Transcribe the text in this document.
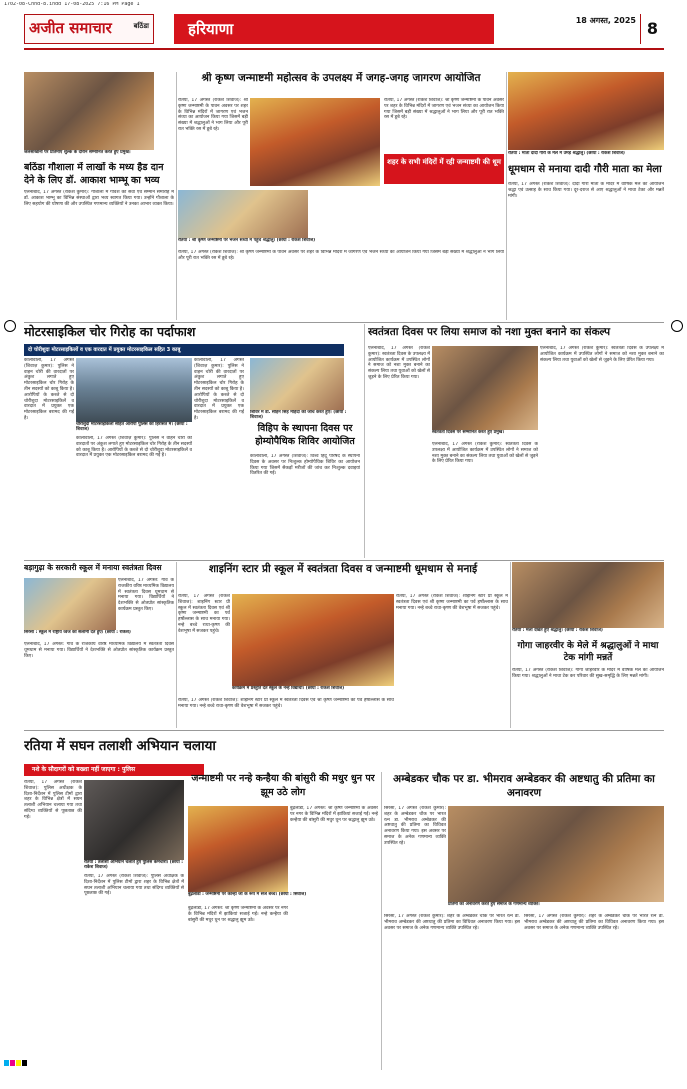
1702-08-Chnd-8.indd 17-08-2025 7:16 PM Page 1
अजीत समाचार	बठिंडा	हरियाणा	18 अगस्त, 2025 8
जलसाखानों पर प्रतिमाएं शुल्क के दौरान सम्मानित करते हुए प्रमुख।
बठिंडा गौशाला में लाखों के मध्य हैड दान देने के लिए डॉ. आकाश भाम्भू का भव्य
ऐलनाबाद, 17 अगस्त (राकेश कुमार): गोशाला में गोवंश की सेवा एवं सम्मान समारोह में डॉ. आकाश भाम्भू का विभिन्न संस्थाओं द्वारा भव्य स्वागत किया गया। उन्होंने गौशाला के लिए सहयोग की घोषणा की और उपस्थित गणमान्य व्यक्तियों ने उनका आभार व्यक्त किया।
श्री कृष्ण जन्माष्टमी महोत्सव के उपलक्ष्य में जगह-जगह जागरण आयोजित
रतिया, 17 अगस्त (राकेश शिवाज): श्री कृष्ण जन्माष्टमी के पावन अवसर पर शहर के विभिन्न मंदिरों में जागरण एवं भजन संध्या का आयोजन किया गया जिसमें बड़ी संख्या में श्रद्धालुओं ने भाग लिया और पूरी रात भक्ति रस में डूबे रहे।
रतिया, 17 अगस्त (राकेश शिवाज): श्री कृष्ण जन्माष्टमी के पावन अवसर पर शहर के विभिन्न मंदिरों में जागरण एवं भजन संध्या का आयोजन किया गया जिसमें बड़ी संख्या में श्रद्धालुओं ने भाग लिया और पूरी रात भक्ति रस में डूबे रहे।
शहर के सभी मंदिरों में रही जन्माष्टमी की धूम
रतिया : श्री कृष्ण जन्माष्टमी पर भजन संध्या में पहुंचे श्रद्धालु। (छाया : राकेश शिवाज)
रतिया, 17 अगस्त (राकेश शिवाज): श्री कृष्ण जन्माष्टमी के पावन अवसर पर शहर के विभिन्न मंदिरों में जागरण एवं भजन संध्या का आयोजन किया गया जिसमें बड़ी संख्या में श्रद्धालुओं ने भाग लिया और पूरी रात भक्ति रस में डूबे रहे।
रतिया : माता दादी गौरी के मेले में उमड़े श्रद्धालु। (छाया : राकेश शिवाज)
धूमधाम से मनाया दादी गौरी माता का मेला
रतिया, 17 अगस्त (राकेश शिवाज): दादी गौरी माता के मंदिर में वार्षिक मेले का आयोजन श्रद्धा एवं उत्साह के साथ किया गया। दूर-दराज से आए श्रद्धालुओं ने माथा टेका और मन्नतें मांगी।
मोटरसाइकिल चोर गिरोह का पर्दाफाश
दो चोरीशुदा मोटरसाइकिलों व एक वारदात में प्रयुक्त मोटरसाइकिल सहित 3 काबू
कालांवाली, 17 अगस्त (शिवाज़ कुमार): पुलिस ने वाहन चोरी की वारदातों पर अंकुश लगाते हुए मोटरसाइकिल चोर गिरोह के तीन सदस्यों को काबू किया है। आरोपियों के कब्जे से दो चोरीशुदा मोटरसाइकिलें व वारदात में प्रयुक्त एक मोटरसाइकिल बरामद की गई है।
चोरीशुदा मोटरसाइकिलों सहित आरोपी पुलिस की हिरासत में। (छाया : शिवाज)
कालांवाली, 17 अगस्त (शिवाज़ कुमार): पुलिस ने वाहन चोरी की वारदातों पर अंकुश लगाते हुए मोटरसाइकिल चोर गिरोह के तीन सदस्यों को काबू किया है। आरोपियों के कब्जे से दो चोरीशुदा मोटरसाइकिलें व वारदात में प्रयुक्त एक मोटरसाइकिल बरामद की गई है।
कालांवाली, 17 अगस्त (शिवाज़ कुमार): पुलिस ने वाहन चोरी की वारदातों पर अंकुश लगाते हुए मोटरसाइकिल चोर गिरोह के तीन सदस्यों को काबू किया है। आरोपियों के कब्जे से दो चोरीशुदा मोटरसाइकिलें व वारदात में प्रयुक्त एक मोटरसाइकिल बरामद की गई है।
शिविर में डा. सोहन सिंह महिदा की जांच करते हुए। (छाया : शिवाज)
विहिप के स्थापना दिवस पर होम्योपैथिक शिविर आयोजित
कालांवाली, 17 अगस्त (शिवाज): विश्व हिंदू परिषद के स्थापना दिवस के अवसर पर निःशुल्क होम्योपैथिक शिविर का आयोजन किया गया जिसमें सैकड़ों मरीजों की जांच कर निःशुल्क दवाइयां वितरित की गईं।
स्वतंत्रता दिवस पर लिया समाज को नशा मुक्त बनाने का संकल्प
ऐलनाबाद, 17 अगस्त (राकेश कुमार): स्वतंत्रता दिवस के उपलक्ष्य में आयोजित कार्यक्रम में उपस्थित लोगों ने समाज को नशा मुक्त बनाने का संकल्प लिया तथा युवाओं को खेलों से जुड़ने के लिए प्रेरित किया गया।
स्वतंत्रता दिवस पर सम्मानित करते हुए प्रमुख।
ऐलनाबाद, 17 अगस्त (राकेश कुमार): स्वतंत्रता दिवस के उपलक्ष्य में आयोजित कार्यक्रम में उपस्थित लोगों ने समाज को नशा मुक्त बनाने का संकल्प लिया तथा युवाओं को खेलों से जुड़ने के लिए प्रेरित किया गया।
ऐलनाबाद, 17 अगस्त (राकेश कुमार): स्वतंत्रता दिवस के उपलक्ष्य में आयोजित कार्यक्रम में उपस्थित लोगों ने समाज को नशा मुक्त बनाने का संकल्प लिया तथा युवाओं को खेलों से जुड़ने के लिए प्रेरित किया गया।
बड़ागुढ़ा के सरकारी स्कूल में मनाया स्वतंत्रता दिवस
सिरसा : स्कूल में राष्ट्रीय ध्वज को सलामी देते हुए। (छाया : राकेश)
ऐलनाबाद, 17 अगस्त: गांव के राजकीय वरिष्ठ माध्यमिक विद्यालय में स्वतंत्रता दिवस धूमधाम से मनाया गया। विद्यार्थियों ने देशभक्ति से ओतप्रोत सांस्कृतिक कार्यक्रम प्रस्तुत किए।
ऐलनाबाद, 17 अगस्त: गांव के राजकीय वरिष्ठ माध्यमिक विद्यालय में स्वतंत्रता दिवस धूमधाम से मनाया गया। विद्यार्थियों ने देशभक्ति से ओतप्रोत सांस्कृतिक कार्यक्रम प्रस्तुत किए।
शाइनिंग स्टार प्री स्कूल में स्वतंत्रता दिवस व जन्माष्टमी धूमधाम से मनाई
रतिया, 17 अगस्त (राकेश शिवाज): शाइनिंग स्टार प्री स्कूल में स्वतंत्रता दिवस एवं श्री कृष्ण जन्माष्टमी का पर्व हर्षोल्लास के साथ मनाया गया। नन्हे बच्चे राधा-कृष्ण की वेशभूषा में सजकर पहुंचे।
कार्यक्रम में प्रस्तुति देते स्कूल के नन्हे विद्यार्थी। (छाया : राकेश शिवाज)
रतिया, 17 अगस्त (राकेश शिवाज): शाइनिंग स्टार प्री स्कूल में स्वतंत्रता दिवस एवं श्री कृष्ण जन्माष्टमी का पर्व हर्षोल्लास के साथ मनाया गया। नन्हे बच्चे राधा-कृष्ण की वेशभूषा में सजकर पहुंचे।
रतिया, 17 अगस्त (राकेश शिवाज): शाइनिंग स्टार प्री स्कूल में स्वतंत्रता दिवस एवं श्री कृष्ण जन्माष्टमी का पर्व हर्षोल्लास के साथ मनाया गया। नन्हे बच्चे राधा-कृष्ण की वेशभूषा में सजकर पहुंचे।
रतिया : मेला देखते हुए श्रद्धालु। (छाया : राकेश शिवाज)
गोगा जाहरवीर के मेले में श्रद्धालुओं ने माथा टेक मांगी मन्नतें
रतिया, 17 अगस्त (राकेश शिवाज): गोगा जाहरवीर के मंदिर में वार्षिक मेले का आयोजन किया गया। श्रद्धालुओं ने माथा टेक कर परिवार की सुख-समृद्धि के लिए मन्नतें मांगी।
रतिया में सघन तलाशी अभियान चलाया
नशे के सौदागरों को बख्शा नहीं जाएगा : पुलिस
रतिया, 17 अगस्त (राकेश शिवाज): पुलिस अधीक्षक के दिशा-निर्देशन में पुलिस टीमों द्वारा शहर के विभिन्न क्षेत्रों में सघन तलाशी अभियान चलाया गया तथा संदिग्ध व्यक्तियों से पूछताछ की गई।
रतिया : तलाशी अभियान चलाते हुए पुलिस कर्मचारी। (छाया : राकेश शिवाज)
रतिया, 17 अगस्त (राकेश शिवाज): पुलिस अधीक्षक के दिशा-निर्देशन में पुलिस टीमों द्वारा शहर के विभिन्न क्षेत्रों में सघन तलाशी अभियान चलाया गया तथा संदिग्ध व्यक्तियों से पूछताछ की गई।
जन्माष्टमी पर नन्हे कन्हैया की बांसुरी की मधुर धुन पर झूम उठे लोग
बुढ़लाडा : जन्माष्टमी पर कान्हा जी के रूप में सजे बच्चे। (छाया : सिवाज)
बुढ़लाडा, 17 अगस्त: श्री कृष्ण जन्माष्टमी के अवसर पर नगर के विभिन्न मंदिरों में झांकियां सजाई गईं। नन्हे कन्हैया की बांसुरी की मधुर धुन पर श्रद्धालु झूम उठे।
बुढ़लाडा, 17 अगस्त: श्री कृष्ण जन्माष्टमी के अवसर पर नगर के विभिन्न मंदिरों में झांकियां सजाई गईं। नन्हे कन्हैया की बांसुरी की मधुर धुन पर श्रद्धालु झूम उठे।
अम्बेडकर चौक पर डा. भीमराव अम्बेडकर की अष्टधातु की प्रतिमा का अनावरण
सिरसा, 17 अगस्त (राकेश कुमार): शहर के अम्बेडकर चौक पर भारत रत्न डा. भीमराव अम्बेडकर की अष्टधातु की प्रतिमा का विधिवत अनावरण किया गया। इस अवसर पर समाज के अनेक गणमान्य व्यक्ति उपस्थित रहे।
प्रतिमा का अनावरण करते हुए समाज के गणमान्य व्यक्ति।
सिरसा, 17 अगस्त (राकेश कुमार): शहर के अम्बेडकर चौक पर भारत रत्न डा. भीमराव अम्बेडकर की अष्टधातु की प्रतिमा का विधिवत अनावरण किया गया। इस अवसर पर समाज के अनेक गणमान्य व्यक्ति उपस्थित रहे।
सिरसा, 17 अगस्त (राकेश कुमार): शहर के अम्बेडकर चौक पर भारत रत्न डा. भीमराव अम्बेडकर की अष्टधातु की प्रतिमा का विधिवत अनावरण किया गया। इस अवसर पर समाज के अनेक गणमान्य व्यक्ति उपस्थित रहे।
